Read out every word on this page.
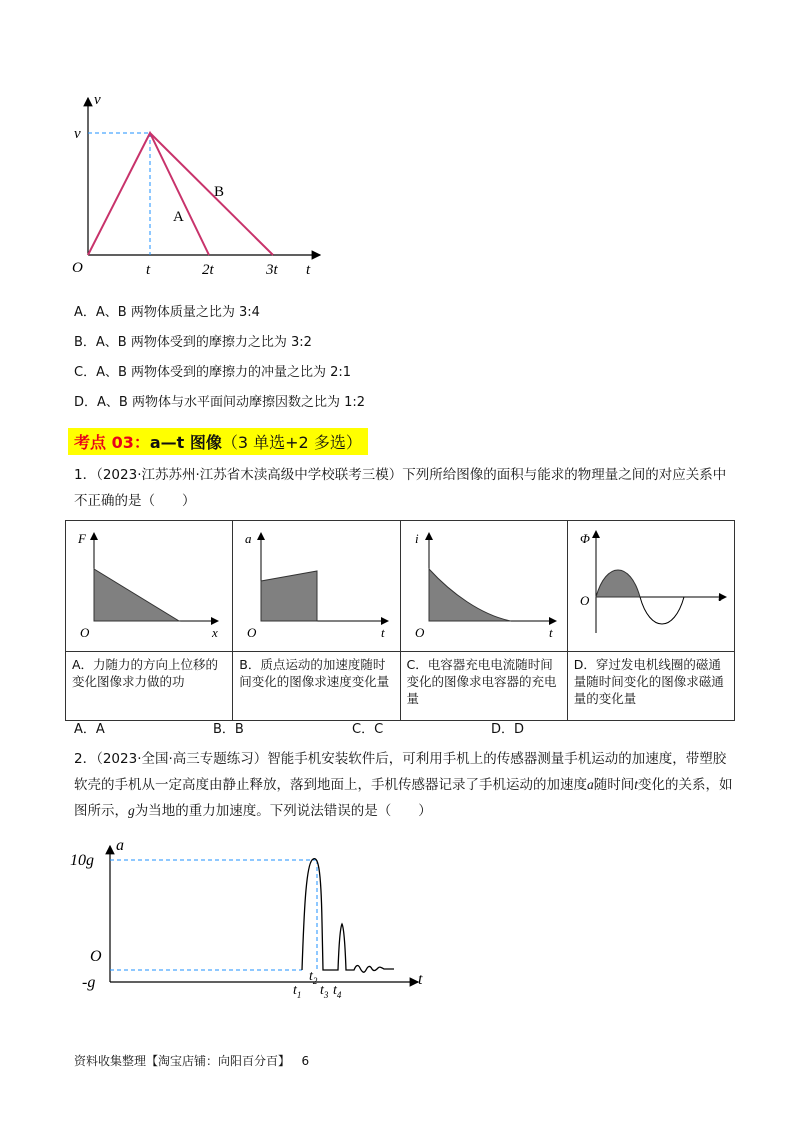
v
v
O	t	2t	3t t
A
B
A．A、B 两物体质量之比为 3:4
B．A、B 两物体受到的摩擦力之比为 3:2
C．A、B 两物体受到的摩擦力的冲量之比为 2:1
D．A、B 两物体与水平面间动摩擦因数之比为 1:2
考点 03：a—t 图像（3 单选+2 多选）
1．（2023·江苏苏州·江苏省木渎高级中学校联考三模）下列所给图像的面积与能求的物理量之间的对应关系中不正确的是（　　）
F
x
O	a
t
O	i
t
O	Φ
t
O

A．力随力的方向上位移的变化图像求力做的功	B．质点运动的加速度随时间变化的图像求速度变化量	C．电容器充电电流随时间变化的图像求电容器的充电量	D．穿过发电机线圈的磁通量随时间变化的图像求磁通量的变化量
A．A	B．B	C．C	D．D
2．（2023·全国·高三专题练习）智能手机安装软件后，可利用手机上的传感器测量手机运动的加速度，带塑胶软壳的手机从一定高度由静止释放，落到地面上，手机传感器记录了手机运动的加速度a随时间t变化的关系，如图所示，g为当地的重力加速度。下列说法错误的是（　　）
a
10g
O
-g	t
$t_1$
$t_2$
$t_3$ $t_4$
资料收集整理【淘宝店铺：向阳百分百】 6
